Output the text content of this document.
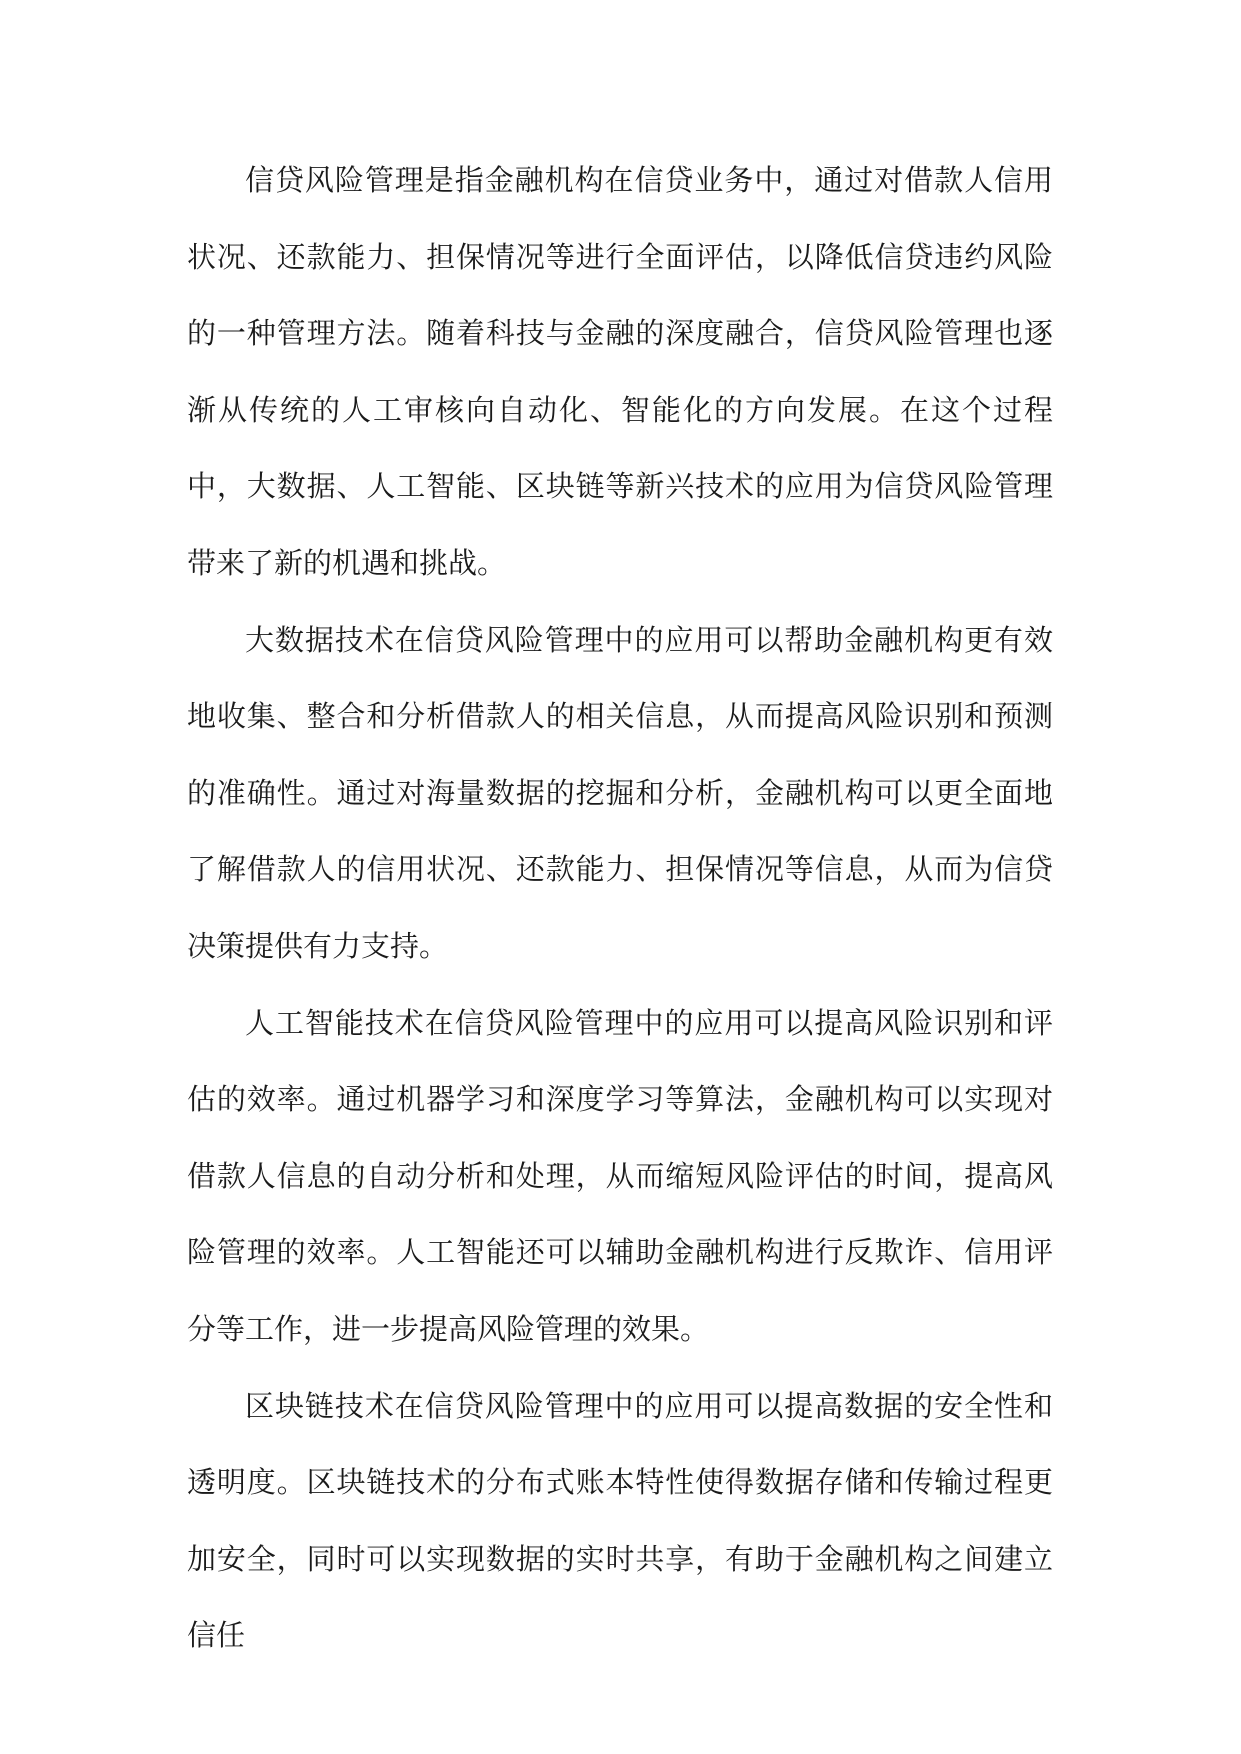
信贷风险管理是指金融机构在信贷业务中，通过对借款人信用状况、还款能力、担保情况等进行全面评估，以降低信贷违约风险的一种管理方法。随着科技与金融的深度融合，信贷风险管理也逐渐从传统的人工审核向自动化、智能化的方向发展。在这个过程中，大数据、人工智能、区块链等新兴技术的应用为信贷风险管理带来了新的机遇和挑战。

大数据技术在信贷风险管理中的应用可以帮助金融机构更有效地收集、整合和分析借款人的相关信息，从而提高风险识别和预测的准确性。通过对海量数据的挖掘和分析，金融机构可以更全面地了解借款人的信用状况、还款能力、担保情况等信息，从而为信贷决策提供有力支持。

人工智能技术在信贷风险管理中的应用可以提高风险识别和评估的效率。通过机器学习和深度学习等算法，金融机构可以实现对借款人信息的自动分析和处理，从而缩短风险评估的时间，提高风险管理的效率。人工智能还可以辅助金融机构进行反欺诈、信用评分等工作，进一步提高风险管理的效果。

区块链技术在信贷风险管理中的应用可以提高数据的安全性和透明度。区块链技术的分布式账本特性使得数据存储和传输过程更加安全，同时可以实现数据的实时共享，有助于金融机构之间建立信任
